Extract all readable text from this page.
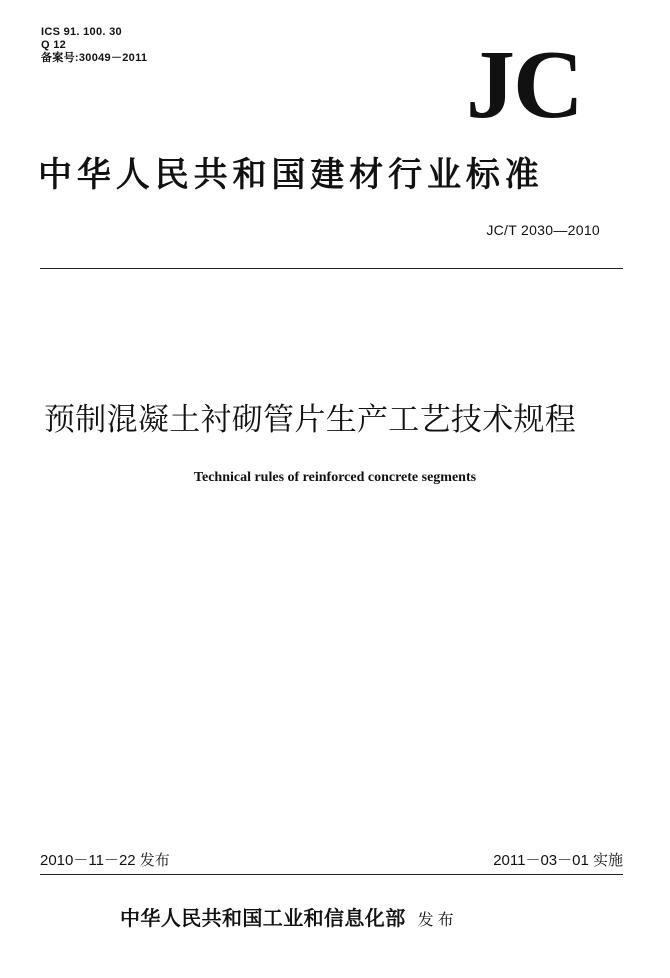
ICS 91. 100. 30
Q 12
备案号:30049－2011	JC
中华人民共和国建材行业标准
JC/T 2030—2010
预制混凝土衬砌管片生产工艺技术规程
Technical rules of reinforced concrete segments
2010－11－22 发布	2011－03－01 实施
中华人民共和国工业和信息化部 发布
